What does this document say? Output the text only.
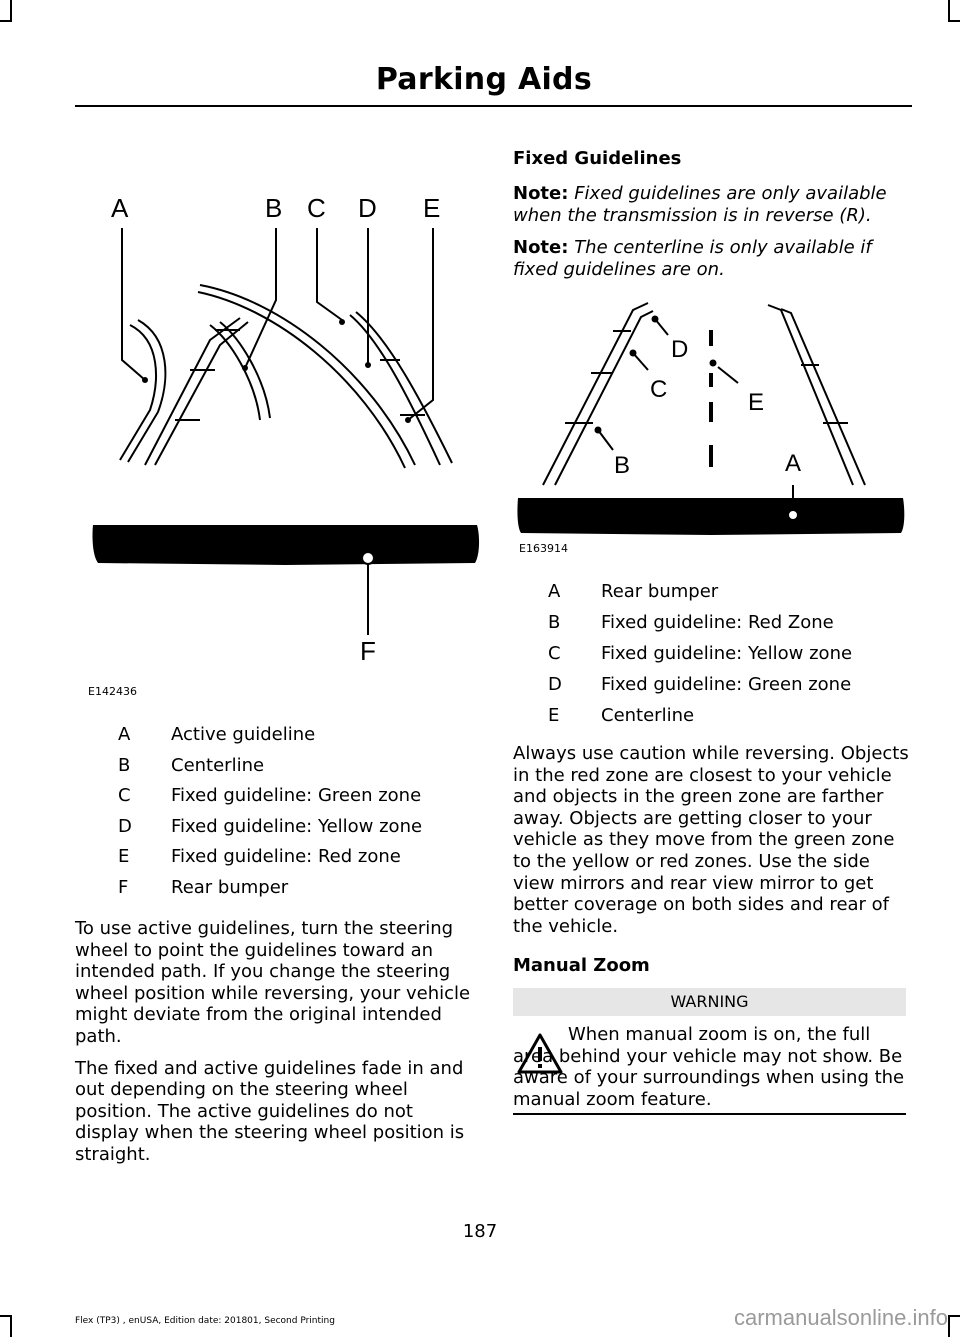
Parking Aids
A	B C D E
F
E142436
A	Active guideline
B	Centerline
C	Fixed guideline: Green zone
D	Fixed guideline: Yellow zone
E	Fixed guideline: Red zone
F	Rear bumper

To use active guidelines, turn the steering wheel to point the guidelines toward an intended path. If you change the steering wheel position while reversing, your vehicle might deviate from the original intended path.

The fixed and active guidelines fade in and out depending on the steering wheel position. The active guidelines do not display when the steering wheel position is straight.

Fixed Guidelines
Note: Fixed guidelines are only available when the transmission is in reverse (R).
Note: The centerline is only available if fixed guidelines are on.
D
C	E
B	A
E163914
A	Rear bumper
B	Fixed guideline: Red Zone
C	Fixed guideline: Yellow zone
D	Fixed guideline: Green zone
E	Centerline

Always use caution while reversing. Objects in the red zone are closest to your vehicle and objects in the green zone are farther away. Objects are getting closer to your vehicle as they move from the green zone to the yellow or red zones. Use the side view mirrors and rear view mirror to get better coverage on both sides and rear of the vehicle.

Manual Zoom
WARNING
When manual zoom is on, the full area behind your vehicle may not show. Be aware of your surroundings when using the manual zoom feature.
187
Flex (TP3) , enUSA, Edition date: 201801, Second Printing	carmanualsonline.info
